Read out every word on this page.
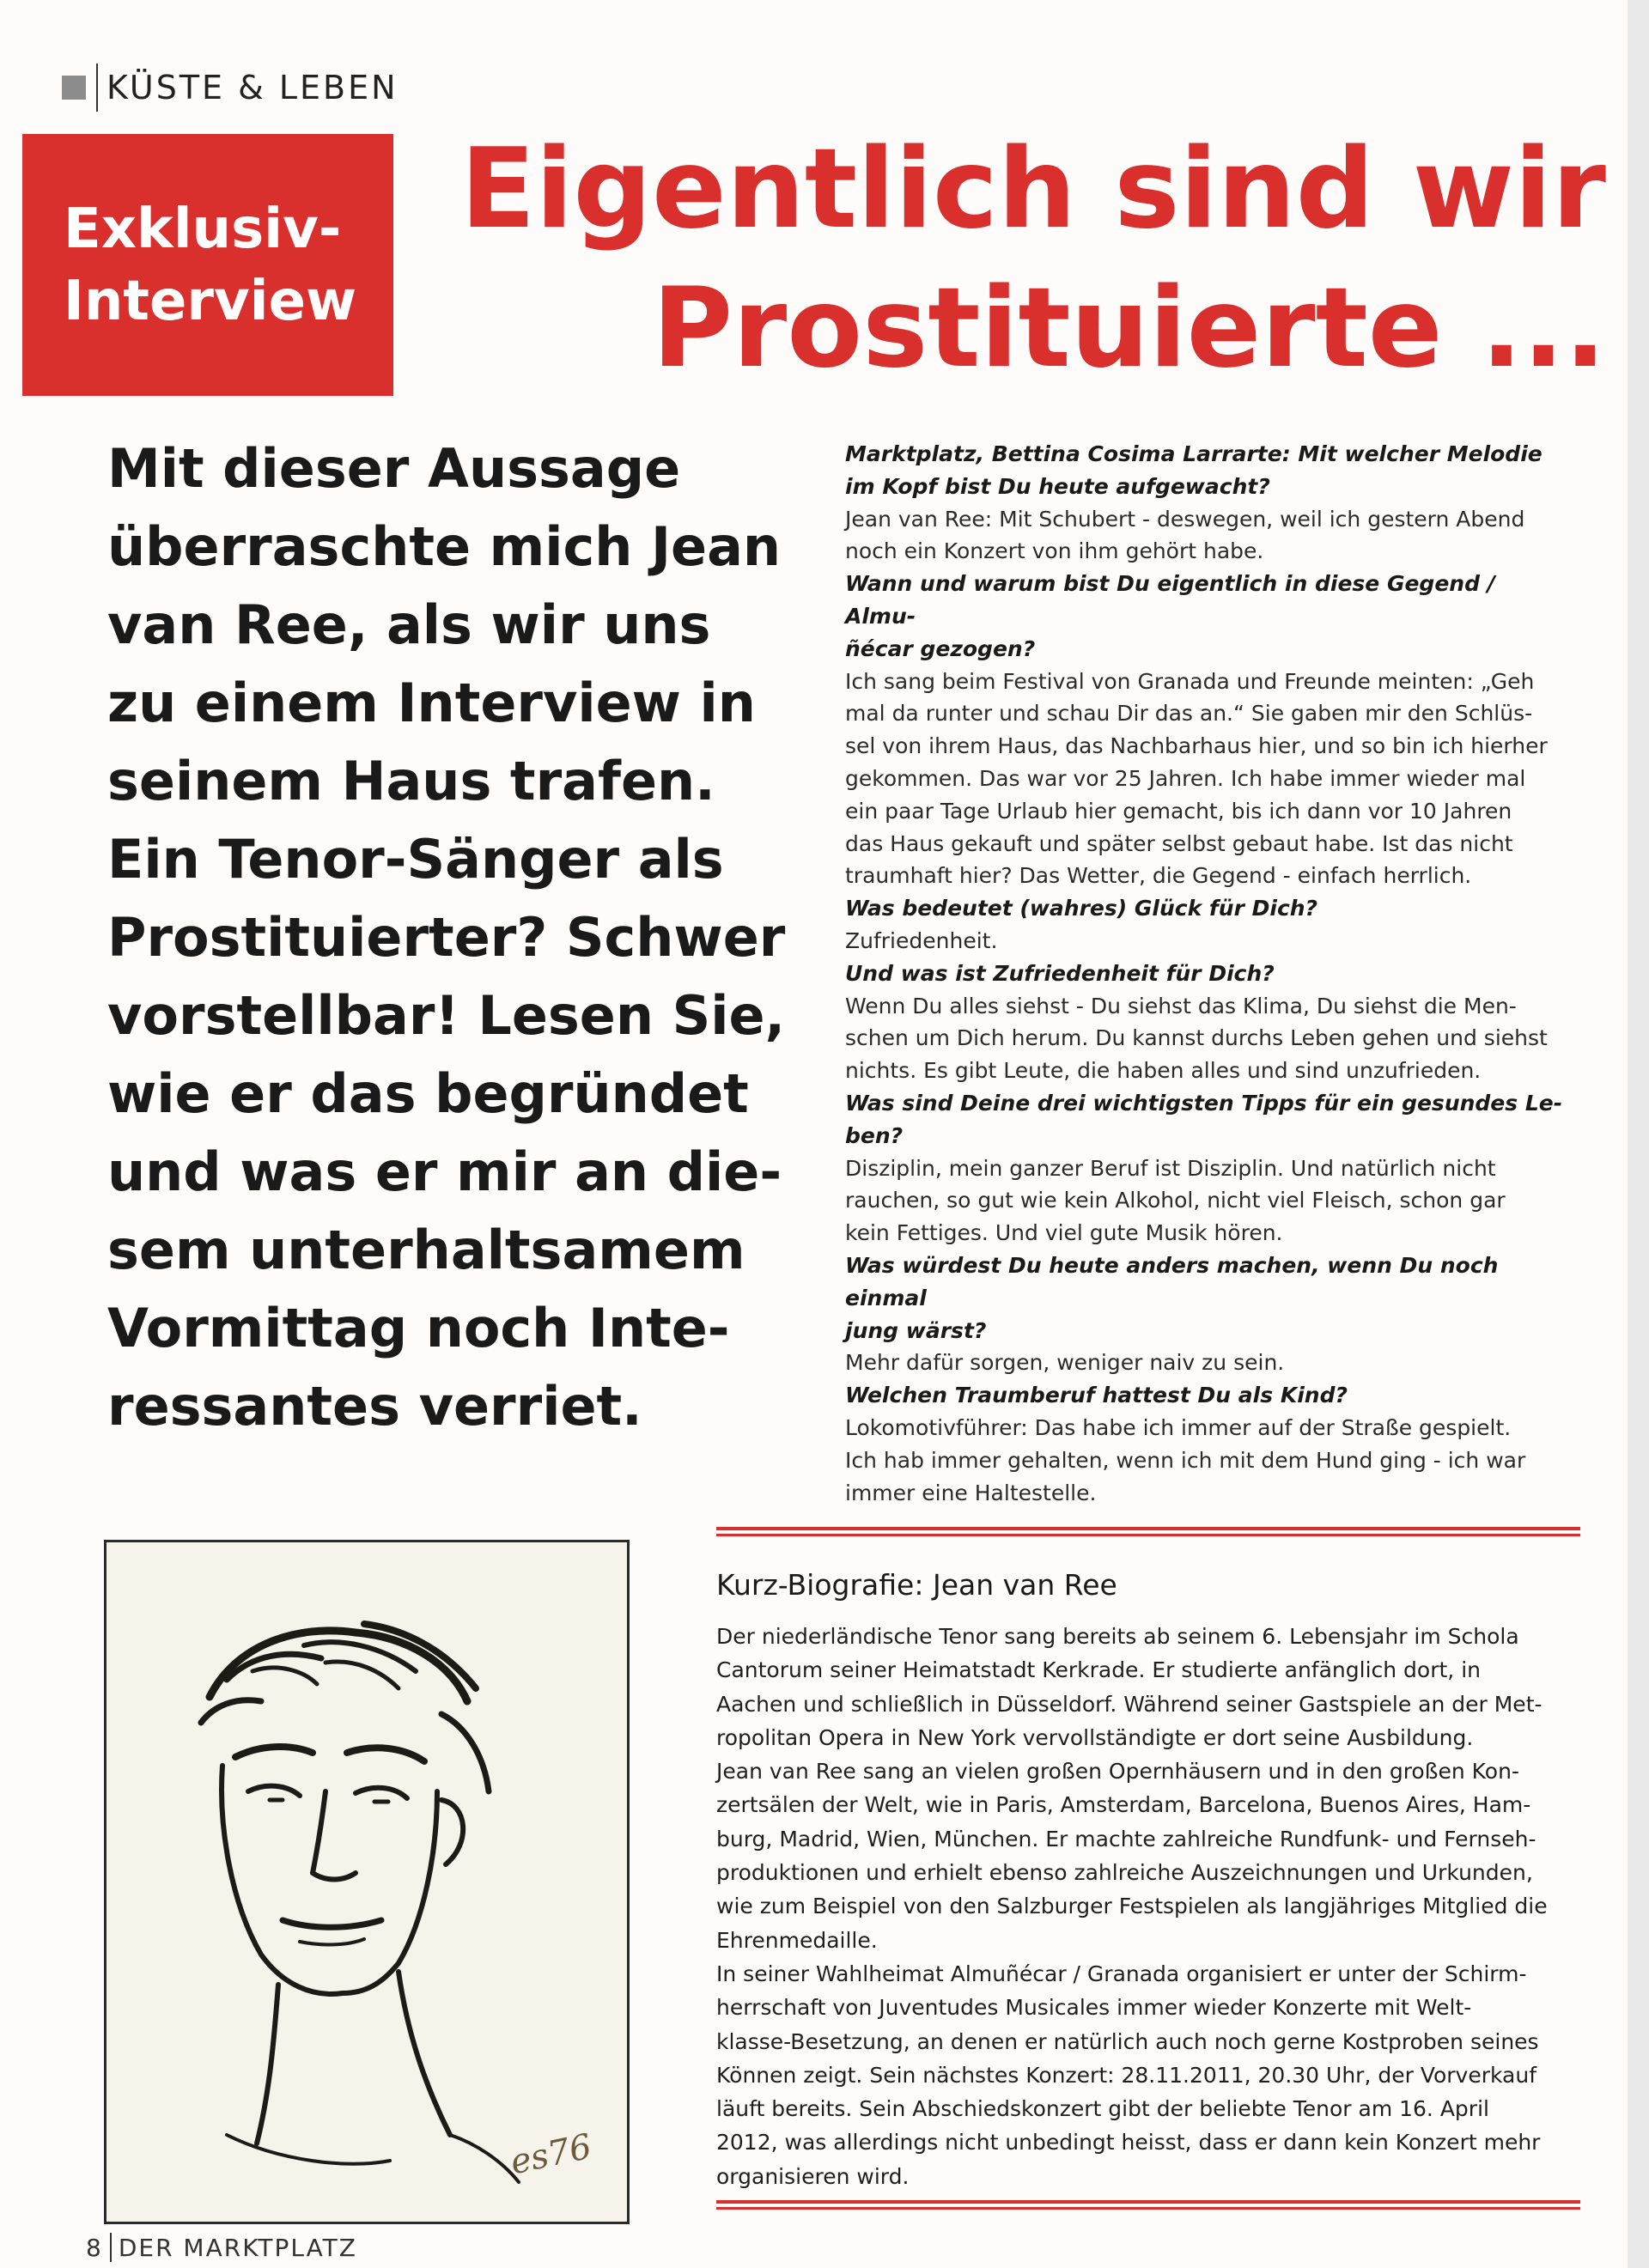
KÜSTE & LEBEN
Exklusiv-
Interview
Eigentlich sind wir
Prostituierte ...
Mit dieser Aussage
überraschte mich Jean
van Ree, als wir uns
zu einem Interview in
seinem Haus trafen.
Ein Tenor-Sänger als
Prostituierter? Schwer
vorstellbar! Lesen Sie,
wie er das begründet
und was er mir an die-
sem unterhaltsamem
Vormittag noch Inte-
ressantes verriet.
Marktplatz, Bettina Cosima Larrarte: Mit welcher Melodie
im Kopf bist Du heute aufgewacht?
Jean van Ree: Mit Schubert - deswegen, weil ich gestern Abend
noch ein Konzert von ihm gehört habe.
Wann und warum bist Du eigentlich in diese Gegend / Almu-
ñécar gezogen?
Ich sang beim Festival von Granada und Freunde meinten: „Geh
mal da runter und schau Dir das an.“ Sie gaben mir den Schlüs-
sel von ihrem Haus, das Nachbarhaus hier, und so bin ich hierher
gekommen. Das war vor 25 Jahren. Ich habe immer wieder mal
ein paar Tage Urlaub hier gemacht, bis ich dann vor 10 Jahren
das Haus gekauft und später selbst gebaut habe. Ist das nicht
traumhaft hier? Das Wetter, die Gegend - einfach herrlich.
Was bedeutet (wahres) Glück für Dich?
Zufriedenheit.
Und was ist Zufriedenheit für Dich?
Wenn Du alles siehst - Du siehst das Klima, Du siehst die Men-
schen um Dich herum. Du kannst durchs Leben gehen und siehst
nichts. Es gibt Leute, die haben alles und sind unzufrieden.
Was sind Deine drei wichtigsten Tipps für ein gesundes Le-
ben?
Disziplin, mein ganzer Beruf ist Disziplin. Und natürlich nicht
rauchen, so gut wie kein Alkohol, nicht viel Fleisch, schon gar
kein Fettiges. Und viel gute Musik hören.
Was würdest Du heute anders machen, wenn Du noch einmal
jung wärst?
Mehr dafür sorgen, weniger naiv zu sein.
Welchen Traumberuf hattest Du als Kind?
Lokomotivführer: Das habe ich immer auf der Straße gespielt.
Ich hab immer gehalten, wenn ich mit dem Hund ging - ich war
immer eine Haltestelle.
es76
Kurz-Biografie: Jean van Ree
Der niederländische Tenor sang bereits ab seinem 6. Lebensjahr im Schola
Cantorum seiner Heimatstadt Kerkrade. Er studierte anfänglich dort, in
Aachen und schließlich in Düsseldorf. Während seiner Gastspiele an der Met-
ropolitan Opera in New York vervollständigte er dort seine Ausbildung.
Jean van Ree sang an vielen großen Opernhäusern und in den großen Kon-
zertsälen der Welt, wie in Paris, Amsterdam, Barcelona, Buenos Aires, Ham-
burg, Madrid, Wien, München. Er machte zahlreiche Rundfunk- und Fernseh-
produktionen und erhielt ebenso zahlreiche Auszeichnungen und Urkunden,
wie zum Beispiel von den Salzburger Festspielen als langjähriges Mitglied die
Ehrenmedaille.
In seiner Wahlheimat Almuñécar / Granada organisiert er unter der Schirm-
herrschaft von Juventudes Musicales immer wieder Konzerte mit Welt-
klasse-Besetzung, an denen er natürlich auch noch gerne Kostproben seines
Können zeigt. Sein nächstes Konzert: 28.11.2011, 20.30 Uhr, der Vorverkauf
läuft bereits. Sein Abschiedskonzert gibt der beliebte Tenor am 16. April
2012, was allerdings nicht unbedingt heisst, dass er dann kein Konzert mehr
organisieren wird.
8 DER MARKTPLATZ
